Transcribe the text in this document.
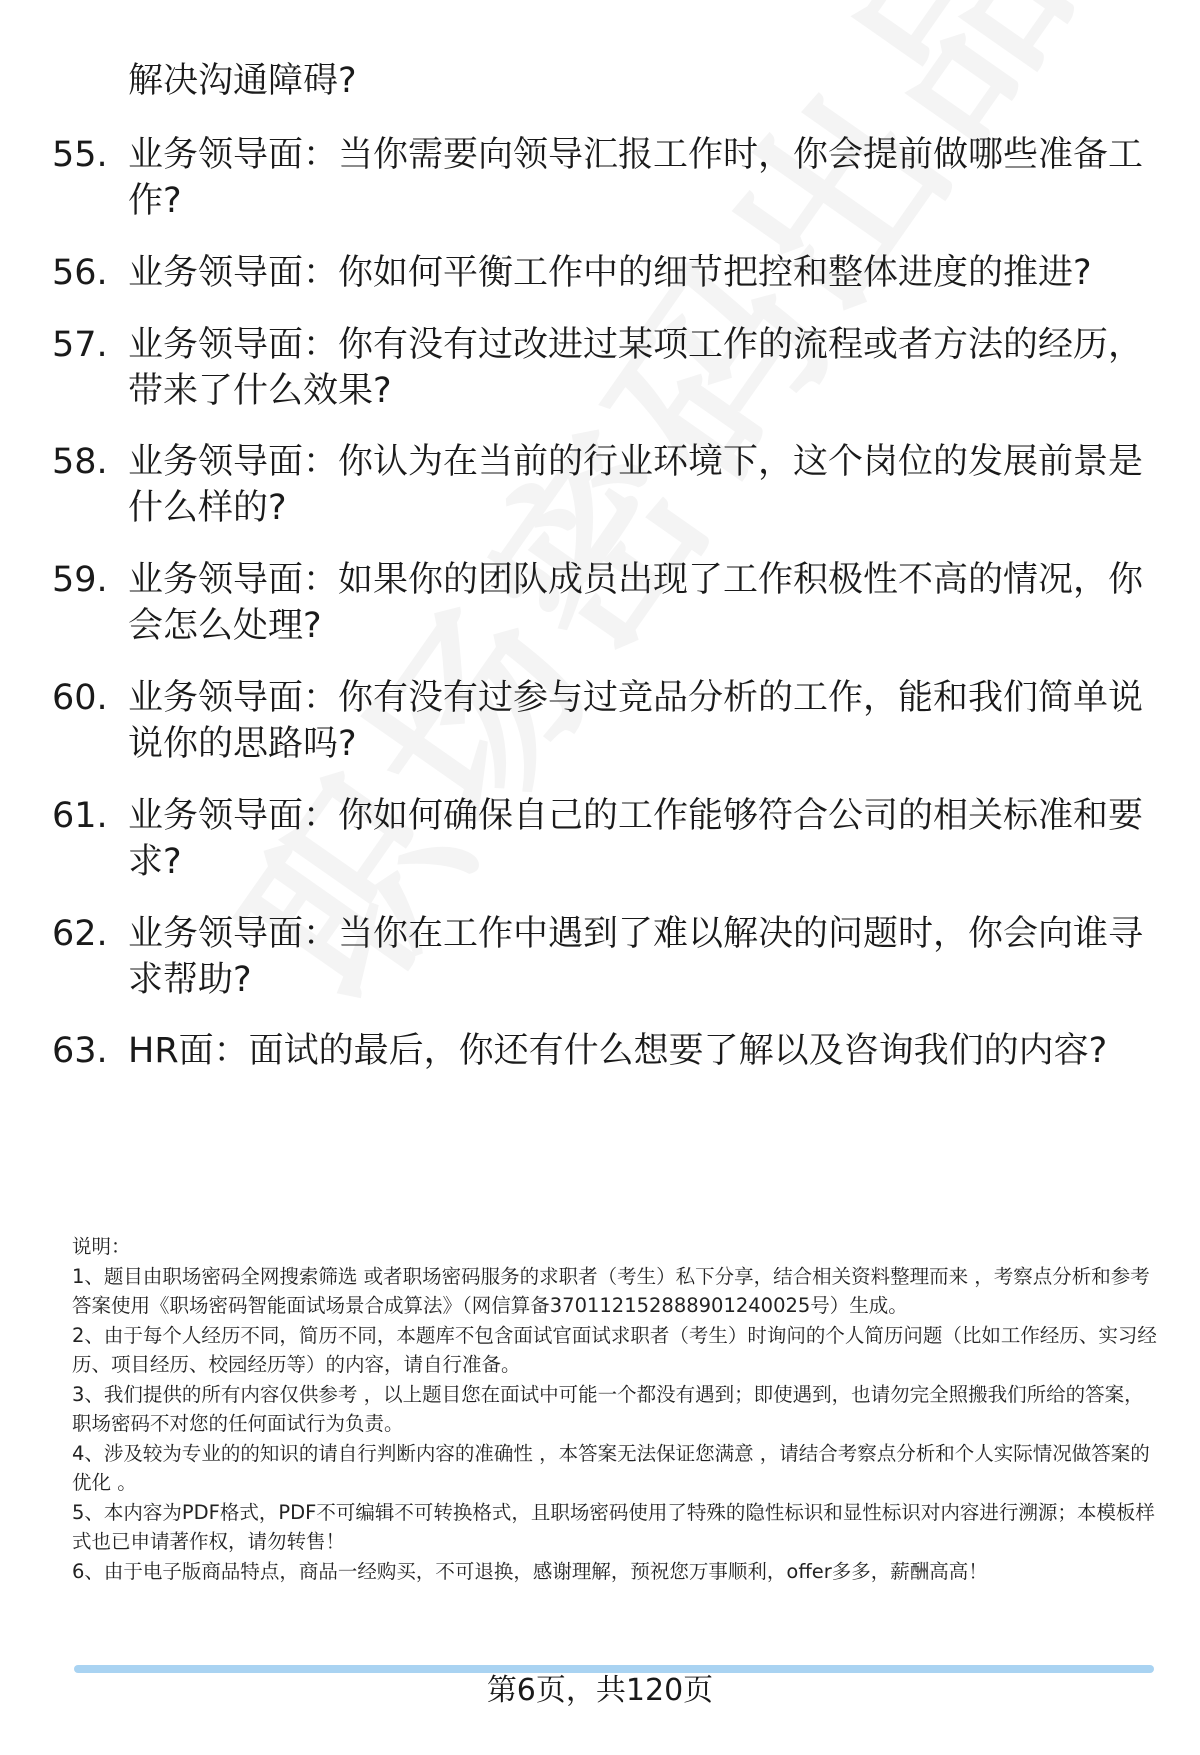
解决沟通障碍?
55. 业务领导面：当你需要向领导汇报工作时，你会提前做哪些准备工作?
56. 业务领导面：你如何平衡工作中的细节把控和整体进度的推进?
57. 业务领导面：你有没有过改进过某项工作的流程或者方法的经历，带来了什么效果?
58. 业务领导面：你认为在当前的行业环境下，这个岗位的发展前景是什么样的?
59. 业务领导面：如果你的团队成员出现了工作积极性不高的情况，你会怎么处理?
60. 业务领导面：你有没有过参与过竞品分析的工作，能和我们简单说说你的思路吗?
61. 业务领导面：你如何确保自己的工作能够符合公司的相关标准和要求?
62. 业务领导面：当你在工作中遇到了难以解决的问题时，你会向谁寻求帮助?
63. HR面：面试的最后，你还有什么想要了解以及咨询我们的内容?
说明：
1、题目由职场密码全网搜索筛选 或者职场密码服务的求职者（考生）私下分享，结合相关资料整理而来 ，考察点分析和参考答案使用《职场密码智能面试场景合成算法》（网信算备370112152888901240025号）生成。
2、由于每个人经历不同，简历不同，本题库不包含面试官面试求职者（考生）时询问的个人简历问题（比如工作经历、实习经历、项目经历、校园经历等）的内容，请自行准备。
3、我们提供的所有内容仅供参考 ，以上题目您在面试中可能一个都没有遇到；即使遇到，也请勿完全照搬我们所给的答案，职场密码不对您的任何面试行为负责。
4、涉及较为专业的的知识的请自行判断内容的准确性 ，本答案无法保证您满意 ，请结合考察点分析和个人实际情况做答案的优化 。
5、本内容为PDF格式，PDF不可编辑不可转换格式，且职场密码使用了特殊的隐性标识和显性标识对内容进行溯源；本模板样式也已申请著作权，请勿转售！
6、由于电子版商品特点，商品一经购买，不可退换，感谢理解，预祝您万事顺利，offer多多，薪酬高高！
第6页，共120页
